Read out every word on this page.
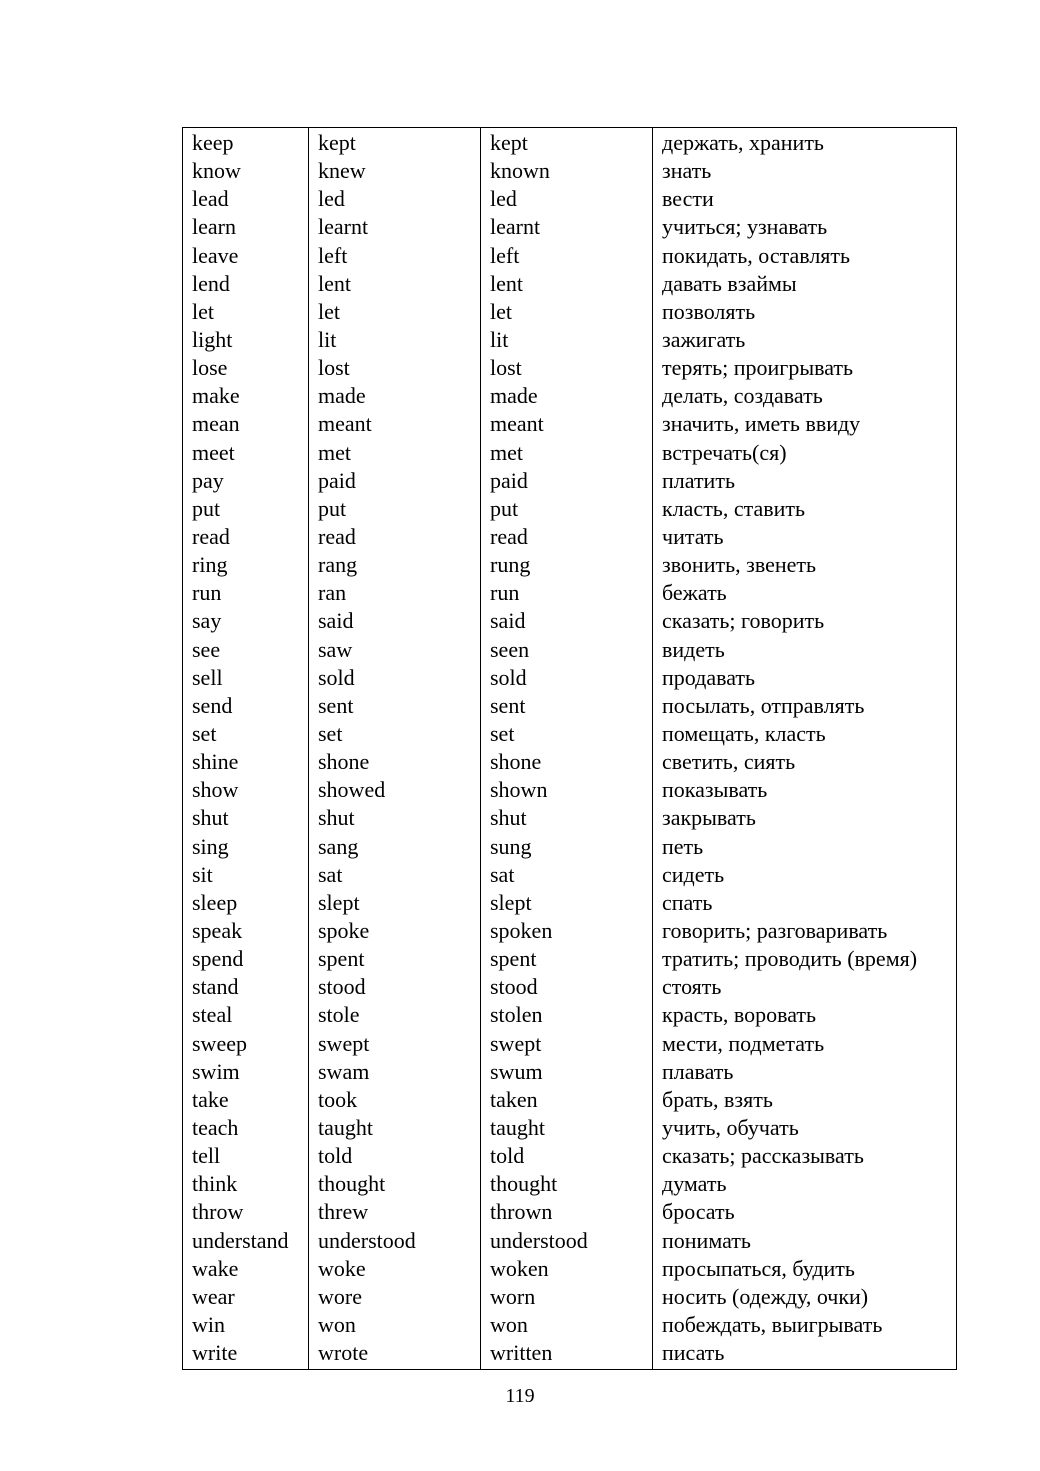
keep	kept	kept	держать, хранить
know	knew	known	знать
lead	led	led	вести
learn	learnt	learnt	учиться; узнавать
leave	left	left	покидать, оставлять
lend	lent	lent	давать взаймы
let	let	let	позволять
light	lit	lit	зажигать
lose	lost	lost	терять; проигрывать
make	made	made	делать, создавать
mean	meant	meant	значить, иметь ввиду
meet	met	met	встречать(ся)
pay	paid	paid	платить
put	put	put	класть, ставить
read	read	read	читать
ring	rang	rung	звонить, звенеть
run	ran	run	бежать
say	said	said	сказать; говорить
see	saw	seen	видеть
sell	sold	sold	продавать
send	sent	sent	посылать, отправлять
set	set	set	помещать, класть
shine	shone	shone	светить, сиять
show	showed	shown	показывать
shut	shut	shut	закрывать
sing	sang	sung	петь
sit	sat	sat	сидеть
sleep	slept	slept	спать
speak	spoke	spoken	говорить; разговаривать
spend	spent	spent	тратить; проводить (время)
stand	stood	stood	стоять
steal	stole	stolen	красть, воровать
sweep	swept	swept	мести, подметать
swim	swam	swum	плавать
take	took	taken	брать, взять
teach	taught	taught	учить, обучать
tell	told	told	сказать; рассказывать
think	thought	thought	думать
throw	threw	thrown	бросать
understand	understood	understood	понимать
wake	woke	woken	просыпаться, будить
wear	wore	worn	носить (одежду, очки)
win	won	won	побеждать, выигрывать
write	wrote	written	писать
119
